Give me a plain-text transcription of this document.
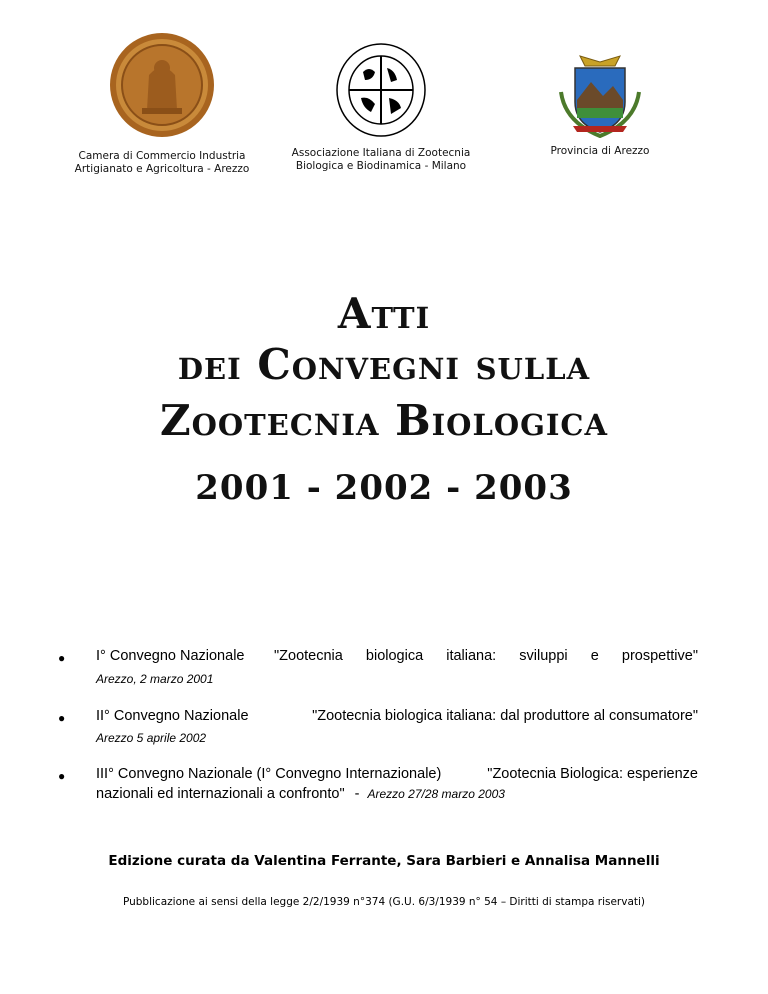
Camera di Commercio Industria
Artigianato e Agricoltura - Arezzo
Associazione Italiana di Zootecnia
Biologica e Biodinamica - Milano
Provincia di Arezzo
Atti
dei Convegni sulla
Zootecnia Biologica
2001 - 2002 - 2003
● I° Convegno Nazionale	"Zootecnia biologica italiana: sviluppi e prospettive"
Arezzo, 2 marzo 2001
● II° Convegno Nazionale	"Zootecnia biologica italiana: dal produttore al consumatore"
Arezzo 5 aprile 2002
● III° Convegno Nazionale (I° Convegno Internazionale)	"Zootecnia Biologica: esperienze
nazionali ed internazionali a confronto" - Arezzo 27/28 marzo 2003
Edizione curata da Valentina Ferrante, Sara Barbieri e Annalisa Mannelli
Pubblicazione ai sensi della legge 2/2/1939 n°374 (G.U. 6/3/1939 n° 54 – Diritti di stampa riservati)
